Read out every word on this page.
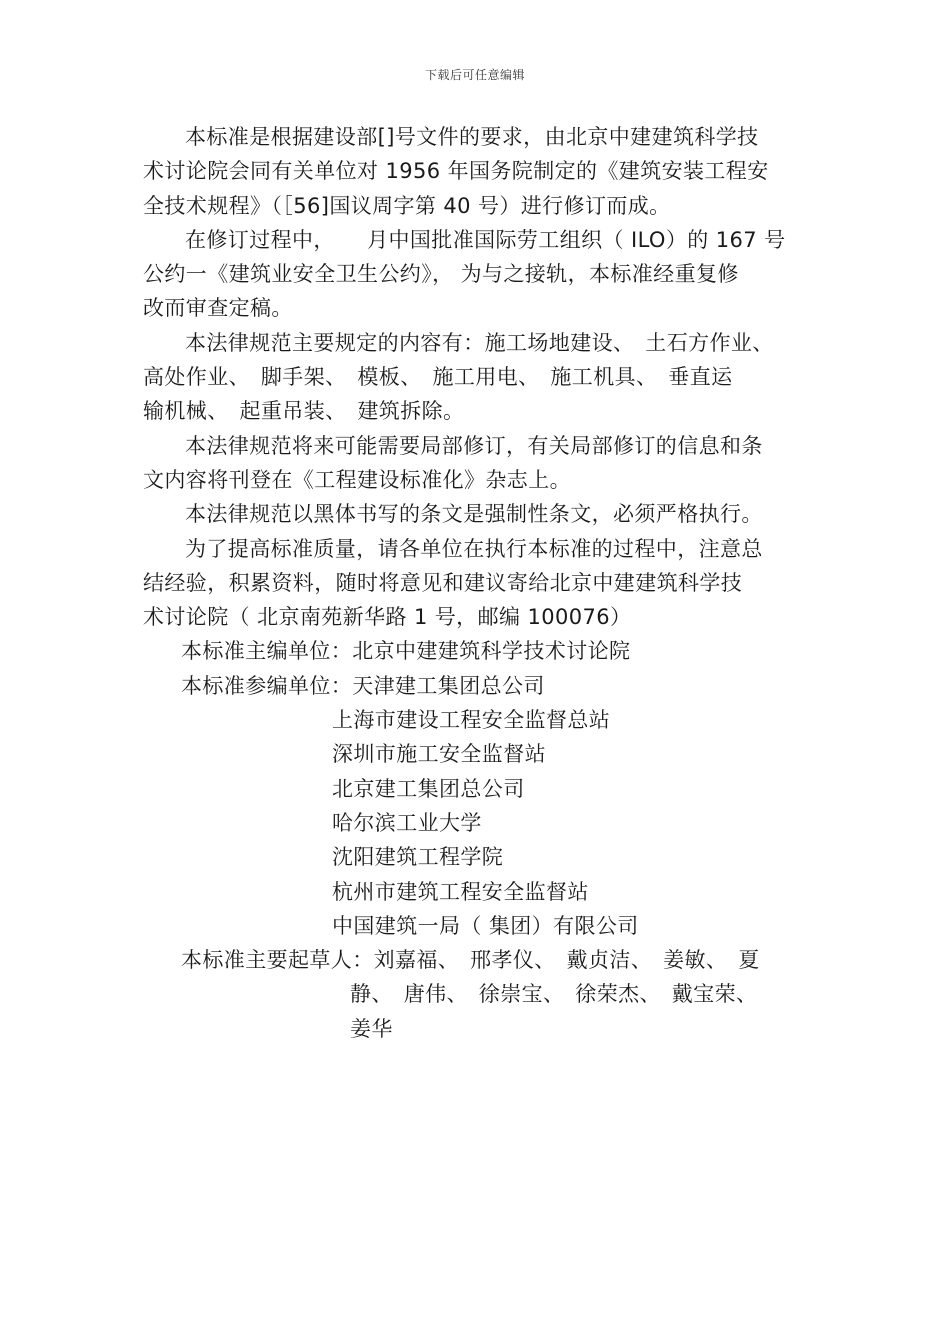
下载后可任意编辑
本标准是根据建设部[]号文件的要求，由北京中建建筑科学技
术讨论院会同有关单位对 1956 年国务院制定的《建筑安装工程安
全技术规程》（［56]国议周字第 40 号）进行修订而成。
在修订过程中，　　月中国批准国际劳工组织（ ILO）的 167 号
公约一《建筑业安全卫生公约》， 为与之接轨，本标准经重复修
改而审查定稿。
本法律规范主要规定的内容有：施工场地建设、　土石方作业、
高处作业、　脚手架、　模板、　施工用电、　施工机具、　垂直运
输机械、　起重吊装、　建筑拆除。
本法律规范将来可能需要局部修订，有关局部修订的信息和条
文内容将刊登在《工程建设标准化》杂志上。
本法律规范以黑体书写的条文是强制性条文，必须严格执行。
为了提高标准质量，请各单位在执行本标准的过程中，注意总
结经验，积累资料，随时将意见和建议寄给北京中建建筑科学技
术讨论院（ 北京南苑新华路 1 号，邮编 100076）

本标准主编单位：北京中建建筑科学技术讨论院

本标准参编单位：天津建工集团总公司

上海市建设工程安全监督总站

深圳市施工安全监督站

北京建工集团总公司

哈尔滨工业大学

沈阳建筑工程学院

杭州市建筑工程安全监督站

中国建筑一局（ 集团）有限公司

本标准主要起草人：刘嘉福、　邢孝仪、　戴贞洁、　姜敏、　夏

静、　唐伟、　徐崇宝、　徐荣杰、　戴宝荣、

姜华
